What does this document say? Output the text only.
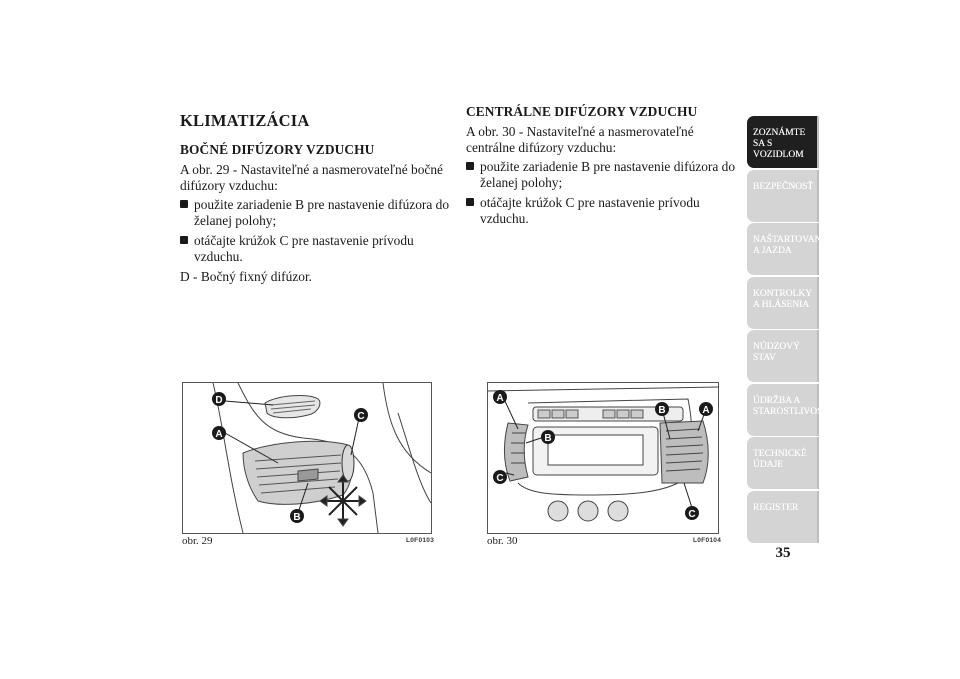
KLIMATIZÁCIA
BOČNÉ DIFÚZORY VZDUCHU

A obr. 29 - Nastaviteľné a nasmerovateľné bočné difúzory vzduchu:

použite zariadenie B pre nastavenie difúzora do želanej polohy;
otáčajte krúžok C pre nastavenie prívodu vzduchu.

D - Bočný fixný difúzor.

CENTRÁLNE DIFÚZORY VZDUCHU

A obr. 30 - Nastaviteľné a nasmerovateľné centrálne difúzory vzduchu:

použite zariadenie B pre nastavenie difúzora do želanej polohy;
otáčajte krúžok C pre nastavenie prívodu vzduchu.
D
A
C
B
obr. 29	L0F0103
A
B	A
B
C
C
obr. 30	L0F0104
ZOZNÁMTE SA S VOZIDLOM
BEZPEČNOSŤ
NAŠTARTOVANIE A JAZDA
KONTROLKY A HLÁSENIA
NÚDZOVÝ STAV
ÚDRŽBA A STAROSTLIVOSŤ
TECHNICKÉ ÚDAJE
REGISTER
35
